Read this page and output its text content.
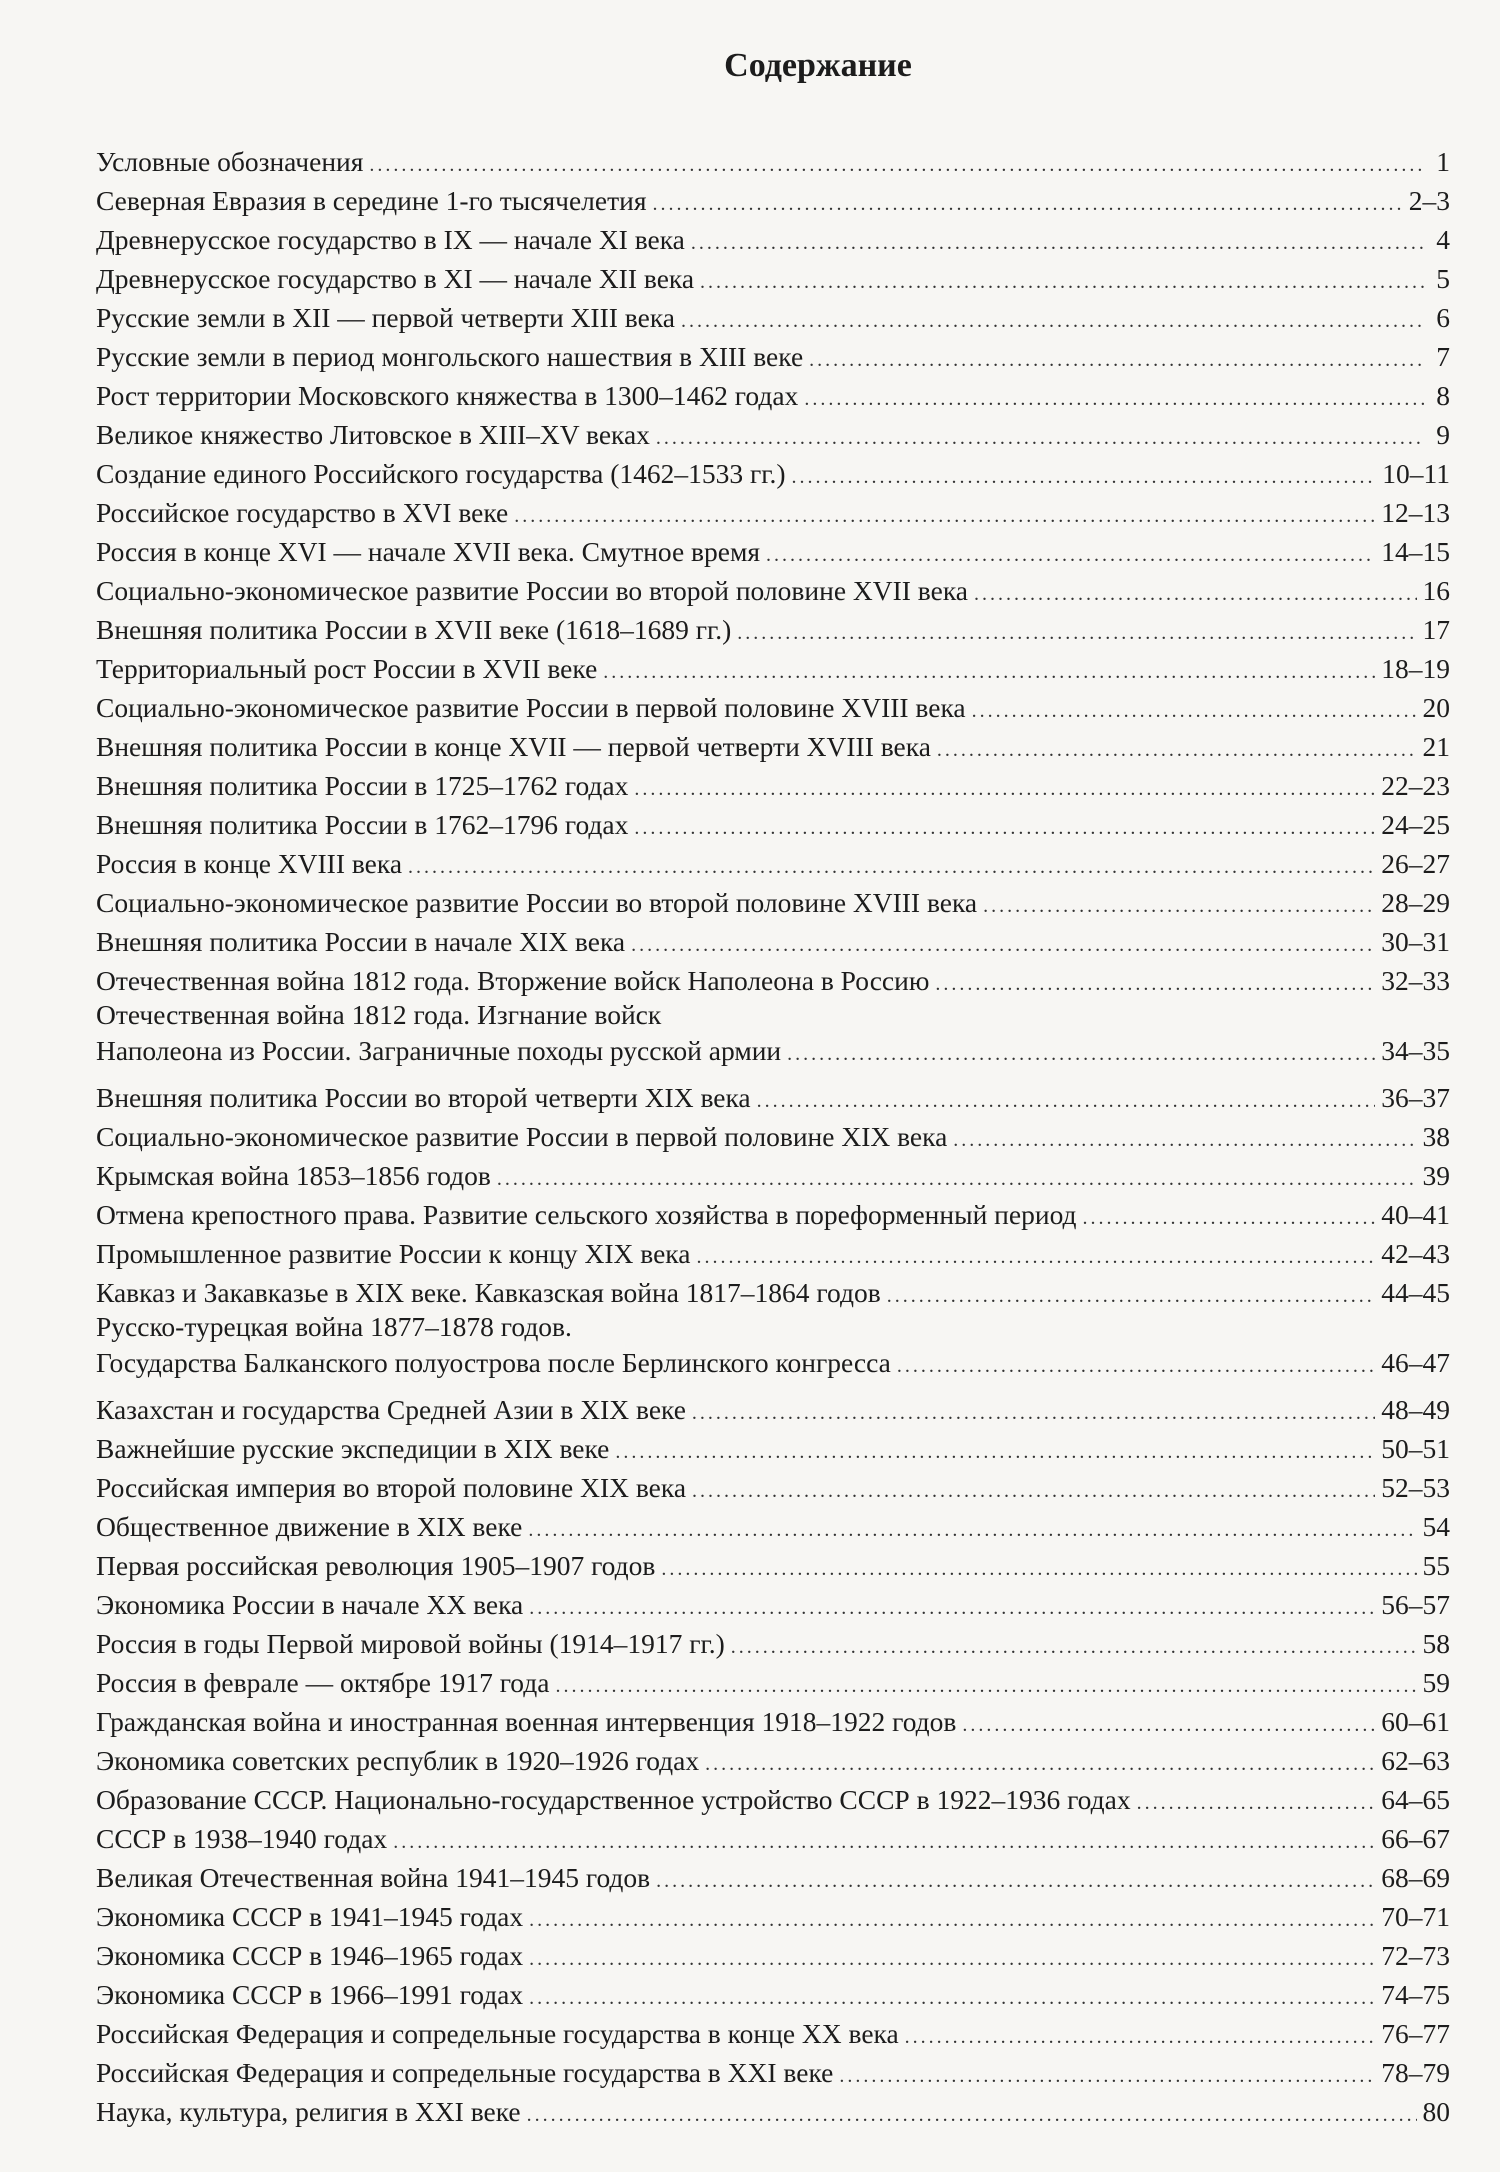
Содержание
Условные обозначения . . .	1
Северная Евразия в середине 1-го тысячелетия . . .	2–3
Древнерусское государство в IX — начале XI века . . .	4
Древнерусское государство в XI — начале XII века . . .	5
Русские земли в XII — первой четверти XIII века . . .	6
Русские земли в период монгольского нашествия в XIII веке . . .	7
Рост территории Московского княжества в 1300–1462 годах . . .	8
Великое княжество Литовское в XIII–XV веках . . .	9
Создание единого Российского государства (1462–1533 гг.) . . .	10–11
Российское государство в XVI веке . . .	12–13
Россия в конце XVI — начале XVII века. Смутное время . . .	14–15
Социально-экономическое развитие России во второй половине XVII века . . .	16
Внешняя политика России в XVII веке (1618–1689 гг.) . . .	17
Территориальный рост России в XVII веке . . .	18–19
Социально-экономическое развитие России в первой половине XVIII века . . .	20
Внешняя политика России в конце XVII — первой четверти XVIII века . . .	21
Внешняя политика России в 1725–1762 годах . . .	22–23
Внешняя политика России в 1762–1796 годах . . .	24–25
Россия в конце XVIII века . . .	26–27
Социально-экономическое развитие России во второй половине XVIII века . . .	28–29
Внешняя политика России в начале XIX века . . .	30–31
Отечественная война 1812 года. Вторжение войск Наполеона в Россию . . .	32–33
Отечественная война 1812 года. Изгнание войск
Наполеона из России. Заграничные походы русской армии . . .	34–35
Внешняя политика России во второй четверти XIX века . . .	36–37
Социально-экономическое развитие России в первой половине XIX века . . .	38
Крымская война 1853–1856 годов . . .	39
Отмена крепостного права. Развитие сельского хозяйства в пореформенный период . . .	40–41
Промышленное развитие России к концу XIX века . . .	42–43
Кавказ и Закавказье в XIX веке. Кавказская война 1817–1864 годов . . .	44–45
Русско-турецкая война 1877–1878 годов.
Государства Балканского полуострова после Берлинского конгресса . . .	46–47
Казахстан и государства Средней Азии в XIX веке . . .	48–49
Важнейшие русские экспедиции в XIX веке . . .	50–51
Российская империя во второй половине XIX века . . .	52–53
Общественное движение в XIX веке . . .	54
Первая российская революция 1905–1907 годов . . .	55
Экономика России в начале XX века . . .	56–57
Россия в годы Первой мировой войны (1914–1917 гг.) . . .	58
Россия в феврале — октябре 1917 года . . .	59
Гражданская война и иностранная военная интервенция 1918–1922 годов . . .	60–61
Экономика советских республик в 1920–1926 годах . . .	62–63
Образование СССР. Национально-государственное устройство СССР в 1922–1936 годах . . .	64–65
СССР в 1938–1940 годах . . .	66–67
Великая Отечественная война 1941–1945 годов . . .	68–69
Экономика СССР в 1941–1945 годах . . .	70–71
Экономика СССР в 1946–1965 годах . . .	72–73
Экономика СССР в 1966–1991 годах . . .	74–75
Российская Федерация и сопредельные государства в конце XX века . . .	76–77
Российская Федерация и сопредельные государства в XXI веке . . .	78–79
Наука, культура, религия в XXI веке . . .	80
